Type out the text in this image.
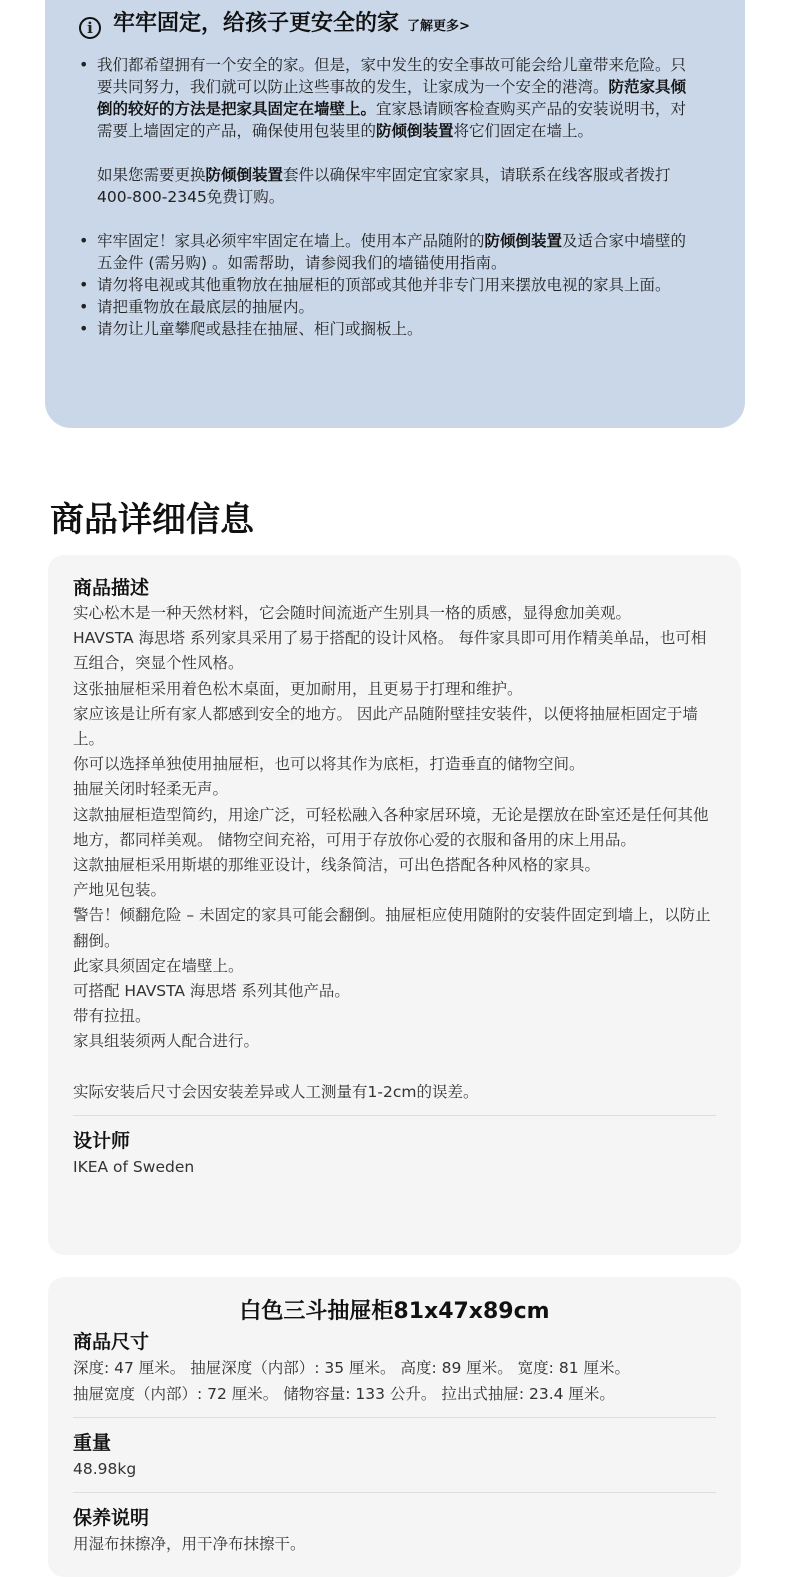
i 牢牢固定，给孩子更安全的家 了解更多>

• 我们都希望拥有一个安全的家。但是，家中发生的安全事故可能会给儿童带来危险。只要共同努力，我们就可以防止这些事故的发生，让家成为一个安全的港湾。防范家具倾倒的较好的方法是把家具固定在墙壁上。宜家恳请顾客检查购买产品的安装说明书，对需要上墙固定的产品，确保使用包装里的防倾倒装置将它们固定在墙上。

如果您需要更换防倾倒装置套件以确保牢牢固定宜家家具，请联系在线客服或者拨打400-800-2345免费订购。

• 牢牢固定！家具必须牢牢固定在墙上。使用本产品随附的防倾倒装置及适合家中墙壁的五金件 (需另购) 。如需帮助，请参阅我们的墙锚使用指南。
• 请勿将电视或其他重物放在抽屉柜的顶部或其他并非专门用来摆放电视的家具上面。
• 请把重物放在最底层的抽屉内。
• 请勿让儿童攀爬或悬挂在抽屉、柜门或搁板上。
商品详细信息
商品描述

实心松木是一种天然材料，它会随时间流逝产生别具一格的质感，显得愈加美观。

HAVSTA 海思塔 系列家具采用了易于搭配的设计风格。 每件家具即可用作精美单品，也可相互组合，突显个性风格。

这张抽屉柜采用着色松木桌面，更加耐用，且更易于打理和维护。

家应该是让所有家人都感到安全的地方。 因此产品随附壁挂安装件，以便将抽屉柜固定于墙上。

你可以选择单独使用抽屉柜，也可以将其作为底柜，打造垂直的储物空间。

抽屉关闭时轻柔无声。

这款抽屉柜造型简约，用途广泛，可轻松融入各种家居环境，无论是摆放在卧室还是任何其他地方，都同样美观。 储物空间充裕，可用于存放你心爱的衣服和备用的床上用品。

这款抽屉柜采用斯堪的那维亚设计，线条简洁，可出色搭配各种风格的家具。

产地见包装。

警告！倾翻危险 – 未固定的家具可能会翻倒。抽屉柜应使用随附的安装件固定到墙上，以防止翻倒。

此家具须固定在墙壁上。

可搭配 HAVSTA 海思塔 系列其他产品。

带有拉扭。

家具组装须两人配合进行。

实际安装后尺寸会因安装差异或人工测量有1-2cm的误差。

设计师
IKEA of Sweden
白色三斗抽屉柜81x47x89cm
商品尺寸
深度: 47 厘米。 抽屉深度（内部）: 35 厘米。 高度: 89 厘米。 宽度: 81 厘米。
抽屉宽度（内部）: 72 厘米。 储物容量: 133 公升。 拉出式抽屉: 23.4 厘米。
重量
48.98kg
保养说明
用湿布抹擦净，用干净布抹擦干。
